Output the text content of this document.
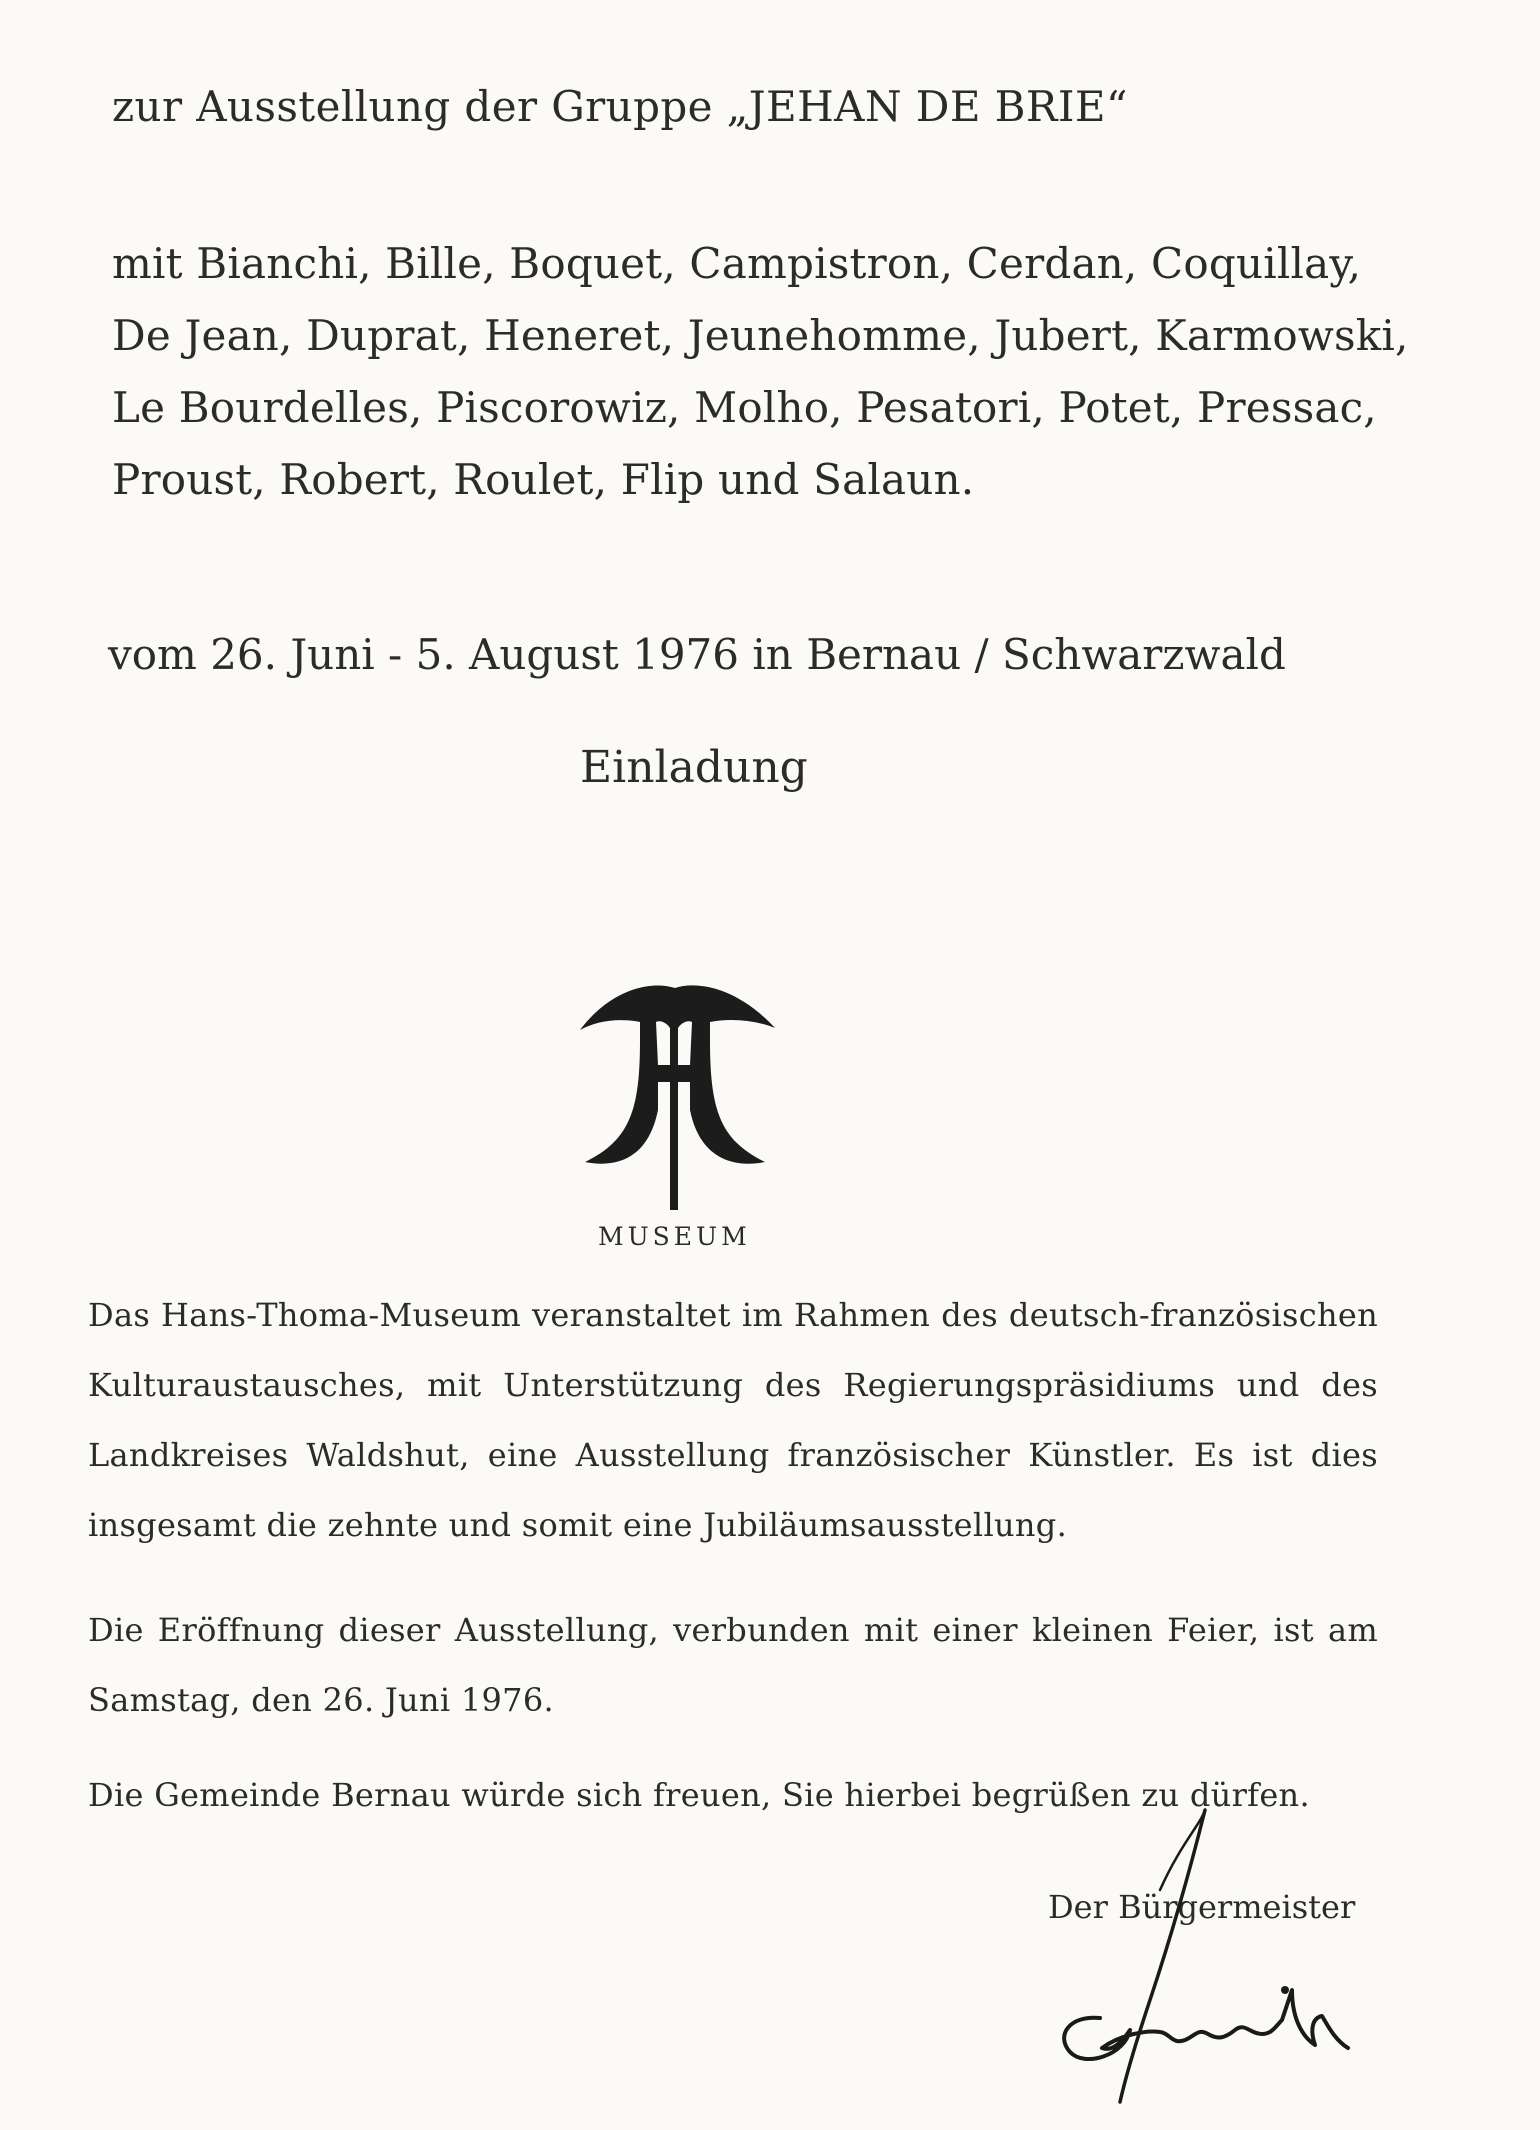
zur Ausstellung der Gruppe „JEHAN DE BRIE“
mit Bianchi, Bille, Boquet, Campistron, Cerdan, Coquillay,
De Jean, Duprat, Heneret, Jeunehomme, Jubert, Karmowski,
Le Bourdelles, Piscorowiz, Molho, Pesatori, Potet, Pressac,
Proust, Robert, Roulet, Flip und Salaun.
vom 26. Juni - 5. August 1976 in Bernau / Schwarzwald
Einladung
MUSEUM
Das Hans-Thoma-Museum veranstaltet im Rahmen des deutsch-französischen Kulturaustausches, mit Unterstützung des Regierungspräsidiums und des Landkreises Waldshut, eine Ausstellung französischer Künstler. Es ist dies insgesamt die zehnte und somit eine Jubiläumsausstellung.
Die Eröffnung dieser Ausstellung, verbunden mit einer kleinen Feier, ist am Samstag, den 26. Juni 1976.
Die Gemeinde Bernau würde sich freuen, Sie hierbei begrüßen zu dürfen.
Der Bürgermeister
